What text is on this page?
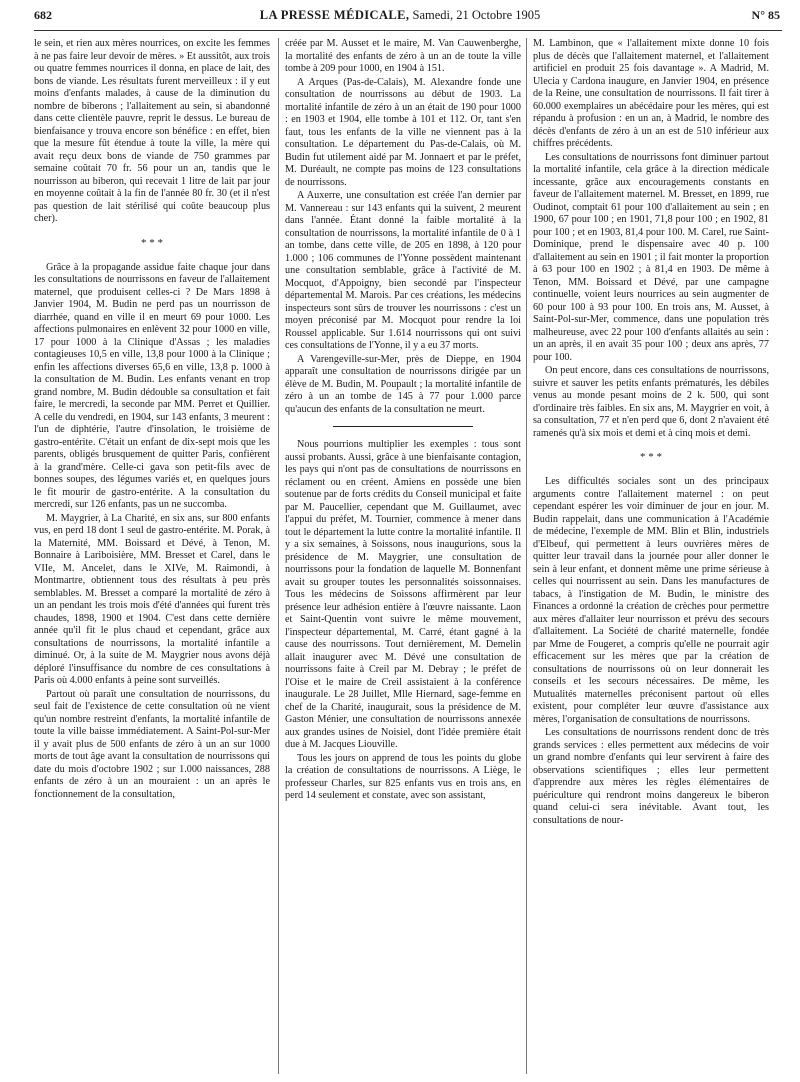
682	LA PRESSE MÉDICALE, Samedi, 21 Octobre 1905	N° 85

le sein, et rien aux mères nourrices, on excite les femmes à ne pas faire leur devoir de mères. » Et aussitôt, aux trois ou quatre femmes nourrices il donna, en place de lait, des bons de viande. Les résultats furent merveilleux : il y eut moins d'enfants malades, à cause de la diminution du nombre de biberons ; l'allaitement au sein, si abandonné dans cette clientèle pauvre, reprit le dessus. Le bureau de bienfaisance y trouva encore son bénéfice : en effet, bien que la mesure fût étendue à toute la ville, la mère qui avait reçu deux bons de viande de 750 grammes par semaine coûtait 70 fr. 56 pour un an, tandis que le nourrisson au biberon, qui recevait 1 litre de lait par jour en moyenne coûtait à la fin de l'année 80 fr. 30 (et il n'est pas question de lait stérilisé qui coûte beaucoup plus cher).

* * *

Grâce à la propagande assidue faite chaque jour dans les consultations de nourrissons en faveur de l'allaitement maternel, que produisent celles-ci ? De Mars 1898 à Janvier 1904, M. Budin ne perd pas un nourrisson de diarrhée, quand en ville il en meurt 69 pour 1000. Les affections pulmonaires en enlèvent 32 pour 1000 en ville, 17 pour 1000 à la Clinique d'Assas ; les maladies contagieuses 10,5 en ville, 13,8 pour 1000 à la Clinique ; enfin les affections diverses 65,6 en ville, 13,8 p. 1000 à la consultation de M. Budin. Les enfants venant en trop grand nombre, M. Budin dédouble sa consultation et fait faire, le mercredi, la seconde par MM. Perret et Quillier. A celle du vendredi, en 1904, sur 143 enfants, 3 meurent : l'un de diphtérie, l'autre d'insolation, le troisième de gastro-entérite. C'était un enfant de dix-sept mois que les parents, obligés brusquement de quitter Paris, confièrent à la grand'mère. Celle-ci gava son petit-fils avec de bonnes soupes, des légumes variés et, en quelques jours le fit mourir de gastro-entérite. A la consultation du mercredi, sur 126 enfants, pas un ne succomba.

M. Maygrier, à La Charité, en six ans, sur 800 enfants vus, en perd 18 dont 1 seul de gastro-entérite. M. Porak, à la Maternité, MM. Boissard et Dévé, à Tenon, M. Bonnaire à Lariboisière, MM. Bresset et Carel, dans le VIIe, M. Ancelet, dans le XIVe, M. Raimondi, à Montmartre, obtiennent tous des résultats à peu près semblables. M. Bresset a comparé la mortalité de zéro à un an pendant les trois mois d'été d'années qui furent très chaudes, 1898, 1900 et 1904. C'est dans cette dernière année qu'il fit le plus chaud et cependant, grâce aux consultations de nourrissons, la mortalité infantile a diminué. Or, à la suite de M. Maygrier nous avons déjà déploré l'insuffisance du nombre de ces consultations à Paris où 4.000 enfants à peine sont surveillés.

Partout où paraît une consultation de nourrissons, du seul fait de l'existence de cette consultation où ne vient qu'un nombre restreint d'enfants, la mortalité infantile de toute la ville baisse immédiatement. A Saint-Pol-sur-Mer il y avait plus de 500 enfants de zéro à un an sur 1000 morts de tout âge avant la consultation de nourrissons qui date du mois d'octobre 1902 ; sur 1.000 naissances, 288 enfants de zéro à un an mouraient : un an après le fonctionnement de la consultation,

créée par M. Ausset et le maire, M. Van Cauwenberghe, la mortalité des enfants de zéro à un an de toute la ville tombe à 209 pour 1000, en 1904 à 151.

A Arques (Pas-de-Calais), M. Alexandre fonde une consultation de nourrissons au début de 1903. La mortalité infantile de zéro à un an était de 190 pour 1000 : en 1903 et 1904, elle tombe à 101 et 112. Or, tant s'en faut, tous les enfants de la ville ne viennent pas à la consultation. Le département du Pas-de-Calais, où M. Budin fut utilement aidé par M. Jonnaert et par le préfet, M. Duréault, ne compte pas moins de 123 consultations de nourrissons.

A Auxerre, une consultation est créée l'an dernier par M. Vannereau : sur 143 enfants qui la suivent, 2 meurent dans l'année. Étant donné la faible mortalité à la consultation de nourrissons, la mortalité infantile de 0 à 1 an tombe, dans cette ville, de 205 en 1898, à 120 pour 1.000 ; 106 communes de l'Yonne possèdent maintenant une consultation semblable, grâce à l'activité de M. Mocquot, d'Appoigny, bien secondé par l'inspecteur départemental M. Marois. Par ces créations, les médecins inspecteurs sont sûrs de trouver les nourrissons : c'est un moyen préconisé par M. Mocquot pour rendre la loi Roussel applicable. Sur 1.614 nourrissons qui ont suivi ces consultations de l'Yonne, il y a eu 37 morts.

A Varengeville-sur-Mer, près de Dieppe, en 1904 apparaît une consultation de nourrissons dirigée par un élève de M. Budin, M. Poupault ; la mortalité infantile de zéro à un an tombe de 145 à 77 pour 1.000 parce qu'aucun des enfants de la consultation ne meurt.

Nous pourrions multiplier les exemples : tous sont aussi probants. Aussi, grâce à une bienfaisante contagion, les pays qui n'ont pas de consultations de nourrissons en réclament ou en créent. Amiens en possède une bien soutenue par de forts crédits du Conseil municipal et faite par M. Paucellier, cependant que M. Guillaumet, avec l'appui du préfet, M. Tournier, commence à mener dans tout le département la lutte contre la mortalité infantile. Il y a six semaines, à Soissons, nous inaugurions, sous la présidence de M. Maygrier, une consultation de nourrissons pour la fondation de laquelle M. Bonnenfant avait su grouper toutes les personnalités soissonnaises. Tous les médecins de Soissons affirmèrent par leur présence leur adhésion entière à l'œuvre naissante. Laon et Saint-Quentin vont suivre le même mouvement, l'inspecteur départemental, M. Carré, étant gagné à la cause des nourrissons. Tout dernièrement, M. Demelin allait inaugurer avec M. Dévé une consultation de nourrissons faite à Creil par M. Debray ; le préfet de l'Oise et le maire de Creil assistaient à la conférence inaugurale. Le 28 Juillet, Mlle Hiernard, sage-femme en chef de la Charité, inaugurait, sous la présidence de M. Gaston Ménier, une consultation de nourrissons annexée aux grandes usines de Noisiel, dont l'idée première était due à M. Jacques Liouville.

Tous les jours on apprend de tous les points du globe la création de consultations de nourrissons. A Liège, le professeur Charles, sur 825 enfants vus en trois ans, en perd 14 seulement et constate, avec son assistant,

M. Lambinon, que « l'allaitement mixte donne 10 fois plus de décès que l'allaitement maternel, et l'allaitement artificiel en produit 25 fois davantage ». A Madrid, M. Ulecia y Cardona inaugure, en Janvier 1904, en présence de la Reine, une consultation de nourrissons. Il fait tirer à 60.000 exemplaires un abécédaire pour les mères, qui est répandu à profusion : en un an, à Madrid, le nombre des décès d'enfants de zéro à un an est de 510 inférieur aux chiffres précédents.

Les consultations de nourrissons font diminuer partout la mortalité infantile, cela grâce à la direction médicale incessante, grâce aux encouragements constants en faveur de l'allaitement maternel. M. Bresset, en 1899, rue Oudinot, comptait 61 pour 100 d'allaitement au sein ; en 1900, 67 pour 100 ; en 1901, 71,8 pour 100 ; en 1902, 81 pour 100 ; et en 1903, 81,4 pour 100. M. Carel, rue Saint-Dominique, prend le dispensaire avec 40 p. 100 d'allaitement au sein en 1901 ; il fait monter la proportion à 63 pour 100 en 1902 ; à 81,4 en 1903. De même à Tenon, MM. Boissard et Dévé, par une campagne continuelle, voient leurs nourrices au sein augmenter de 60 pour 100 à 93 pour 100. En trois ans, M. Ausset, à Saint-Pol-sur-Mer, commence, dans une population très malheureuse, avec 22 pour 100 d'enfants allaités au sein : un an après, il en avait 35 pour 100 ; deux ans après, 77 pour 100.

On peut encore, dans ces consultations de nourrissons, suivre et sauver les petits enfants prématurés, les débiles venus au monde pesant moins de 2 k. 500, qui sont d'ordinaire très faibles. En six ans, M. Maygrier en voit, à sa consultation, 77 et n'en perd que 6, dont 2 n'avaient été ramenés qu'à six mois et demi et à cinq mois et demi.

* * *

Les difficultés sociales sont un des principaux arguments contre l'allaitement maternel : on peut cependant espérer les voir diminuer de jour en jour. M. Budin rappelait, dans une communication à l'Académie de médecine, l'exemple de MM. Blin et Blin, industriels d'Elbeuf, qui permettent à leurs ouvrières mères de quitter leur travail dans la journée pour aller donner le sein à leur enfant, et donnent même une prime sérieuse à celles qui nourrissent au sein. Dans les manufactures de tabacs, à l'instigation de M. Budin, le ministre des Finances a ordonné la création de crèches pour permettre aux mères d'allaiter leur nourrisson et prévu des secours d'allaitement. La Société de charité maternelle, fondée par Mme de Fougeret, a compris qu'elle ne pourrait agir efficacement sur les mères que par la création de consultations de nourrissons où on leur donnerait les conseils et les secours nécessaires. De même, les Mutualités maternelles préconisent partout où elles existent, pour compléter leur œuvre d'assistance aux mères, l'organisation de consultations de nourrissons.

Les consultations de nourrissons rendent donc de très grands services : elles permettent aux médecins de voir un grand nombre d'enfants qui leur servirent à faire des observations scientifiques ; elles leur permettent d'apprendre aux mères les règles élémentaires de puériculture qui rendront moins dangereux le biberon quand celui-ci sera inévitable. Avant tout, les consultations de nour-
